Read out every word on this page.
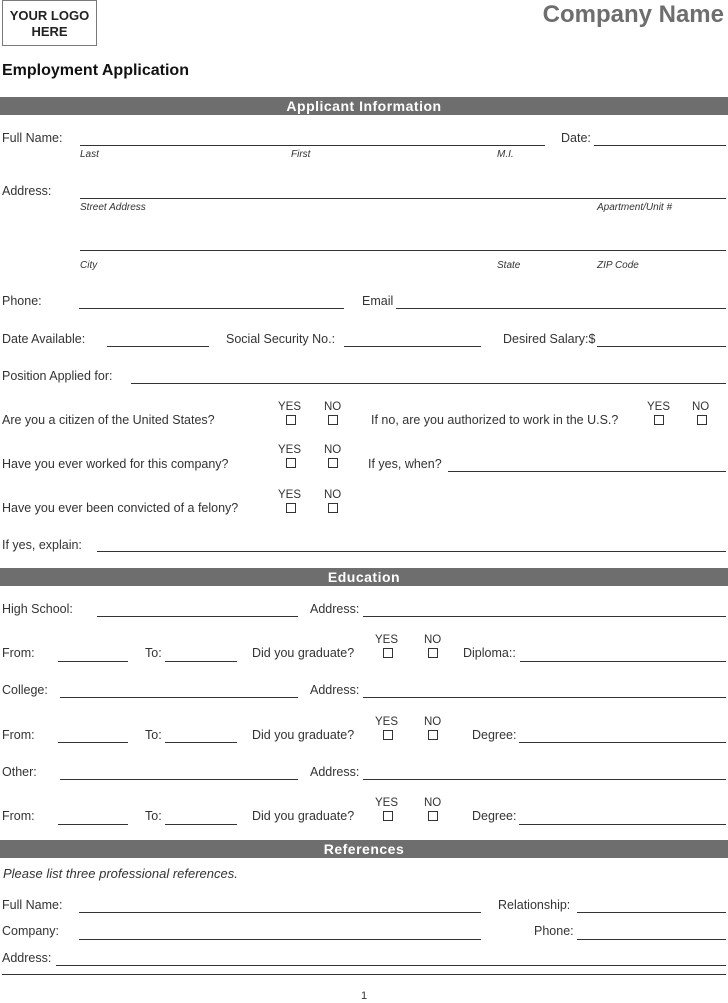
YOUR LOGO HERE
Company Name
Employment Application
Applicant Information
Full Name:	Date:
Last	First	M.I.
Address:
Street Address	Apartment/Unit #
City	State	ZIP Code
Phone:	Email
Date Available:	Social Security No.:	Desired Salary:$
Position Applied for:
YES NO
Are you a citizen of the United States?
YES NO
If no, are you authorized to work in the U.S.?
YES NO
Have you ever worked for this company?	If yes, when?
YES NO
Have you ever been convicted of a felony?
If yes, explain:
Education
High School:	Address:
YES NO
From:	To:	Did you graduate?	Diploma::
College:	Address:
YES NO
From:	To:	Did you graduate?	Degree:
Other:	Address:
YES NO
From:	To:	Did you graduate?	Degree:
References
Please list three professional references.
Full Name:	Relationship:
Company:	Phone:
Address:
1
